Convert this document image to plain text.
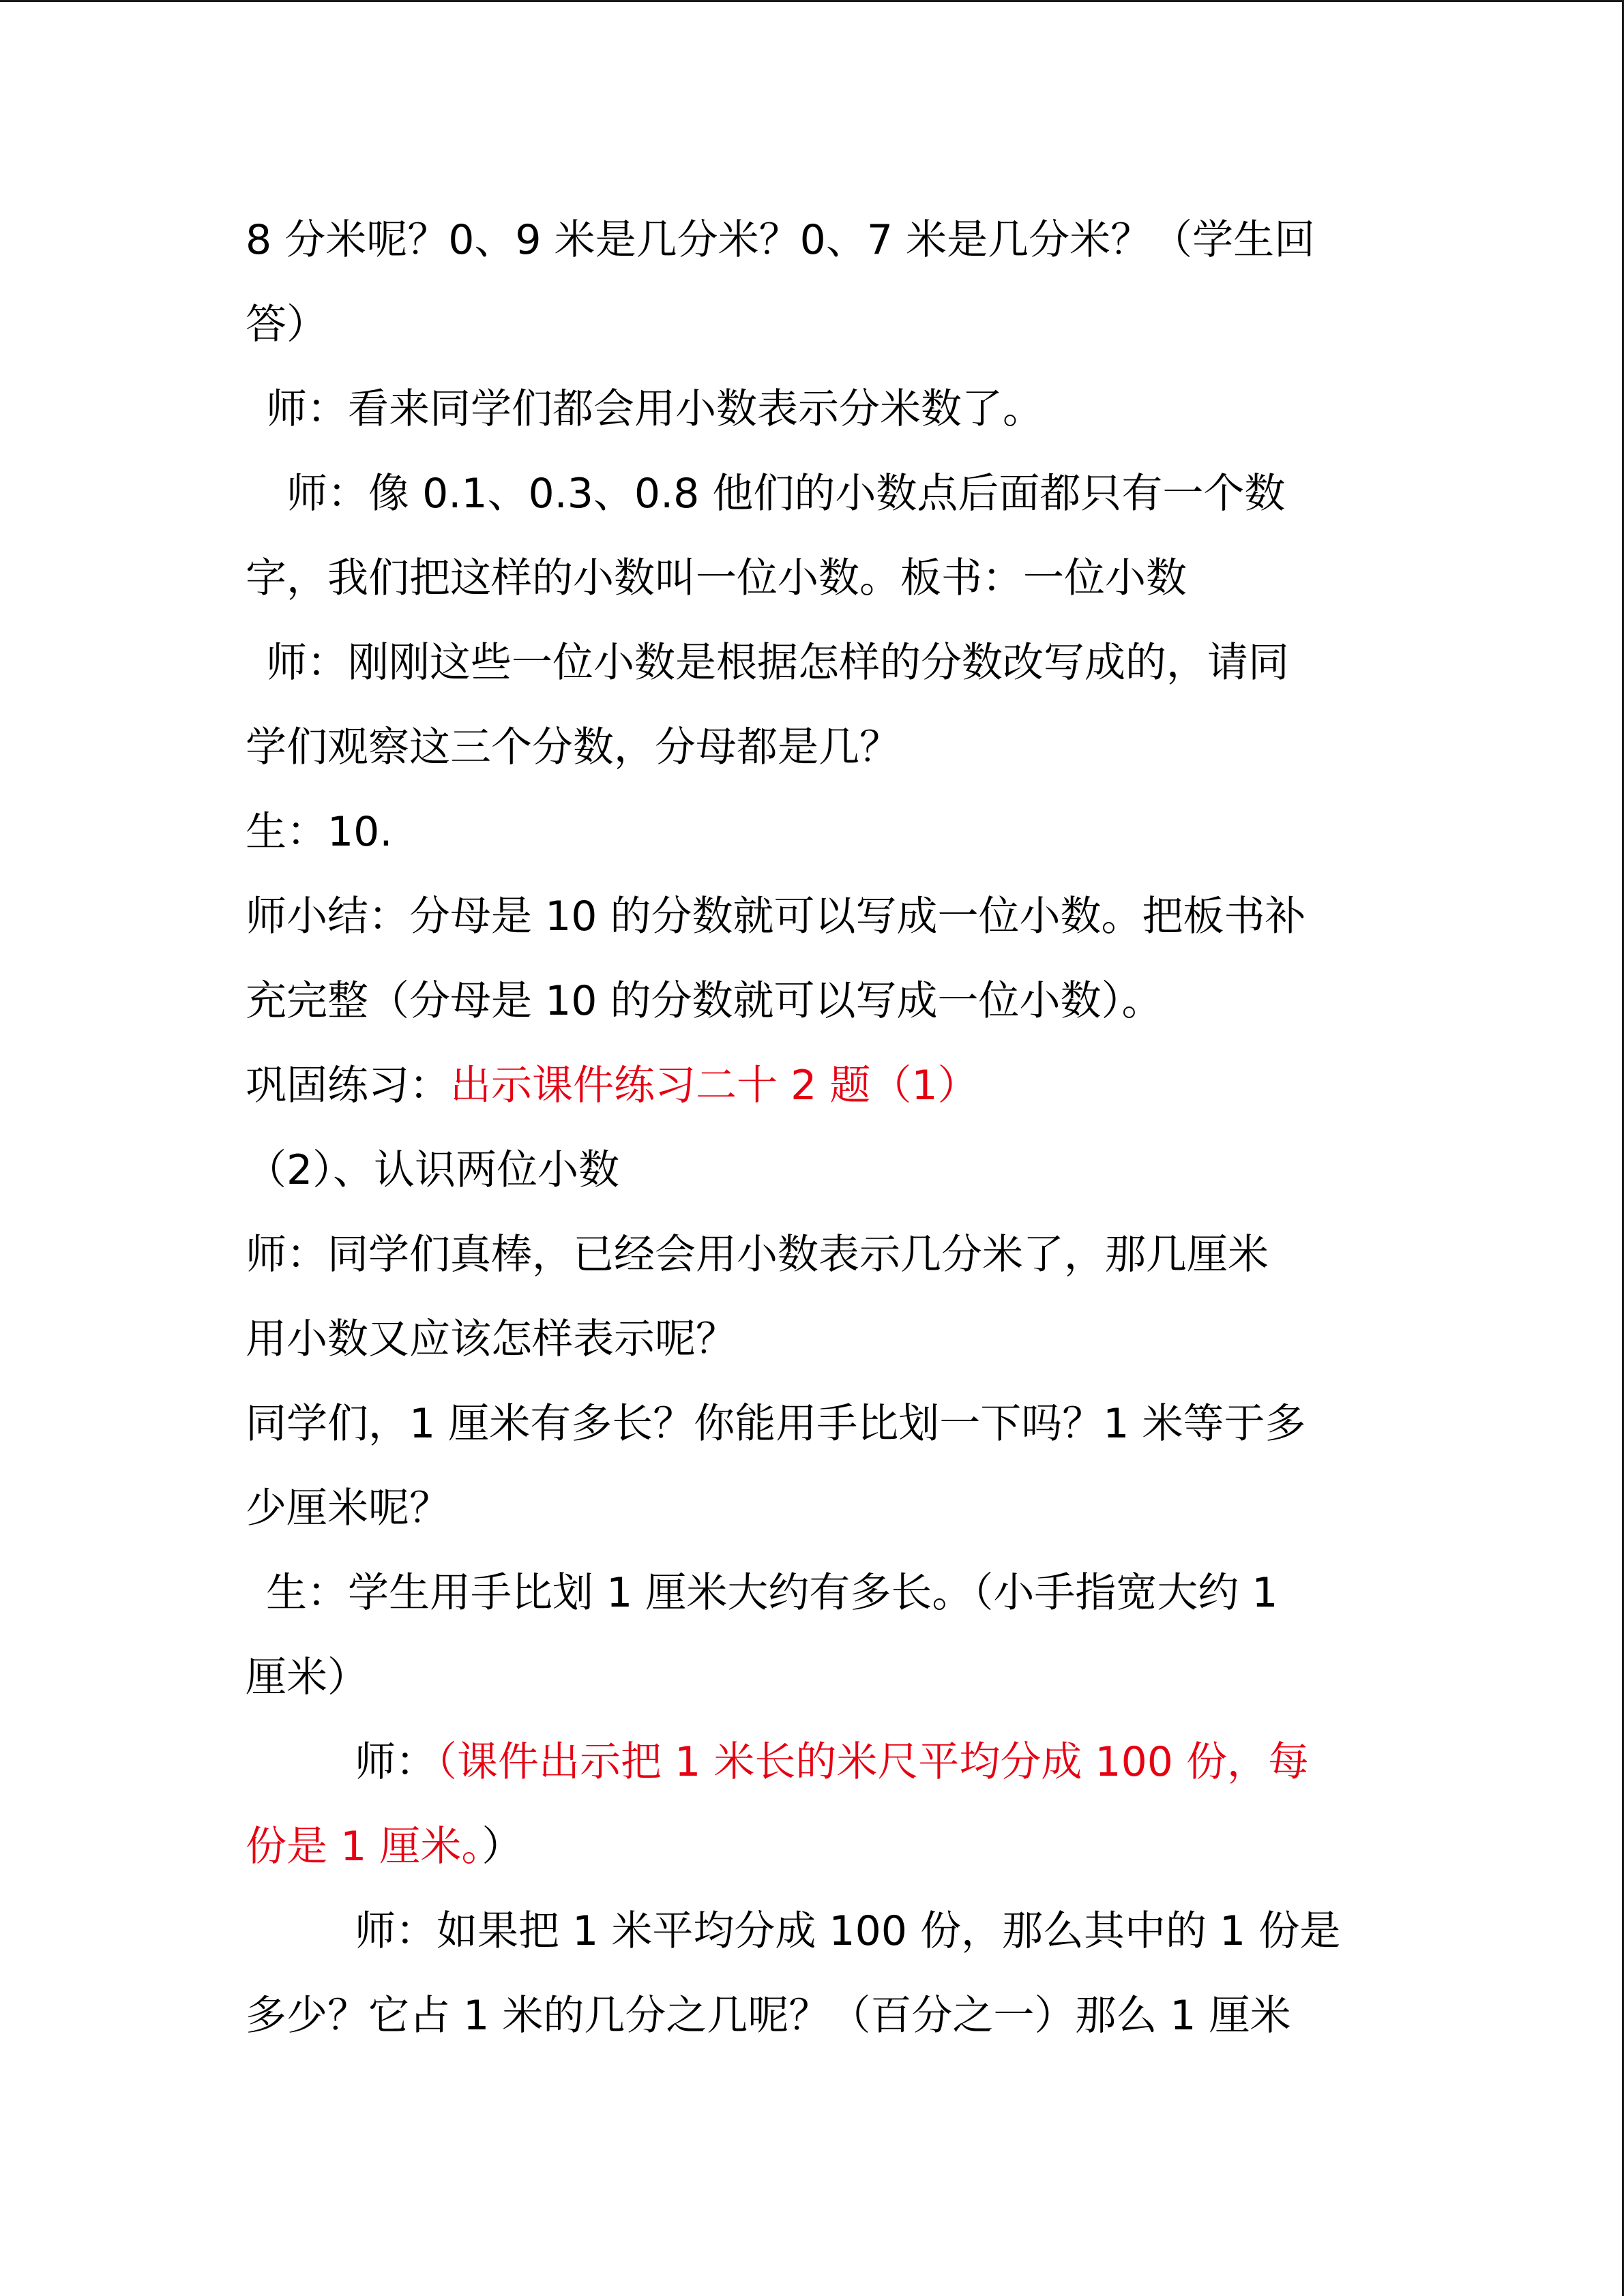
8 分米呢？0、9 米是几分米？0、7 米是几分米？（学生回
答）
师：看来同学们都会用小数表示分米数了。
师：像 0.1、0.3、0.8 他们的小数点后面都只有一个数
字，我们把这样的小数叫一位小数。板书：一位小数
师：刚刚这些一位小数是根据怎样的分数改写成的，请同
学们观察这三个分数，分母都是几？
生：10.
师小结：分母是 10 的分数就可以写成一位小数。把板书补
充完整（分母是 10 的分数就可以写成一位小数）。
巩固练习：出示课件练习二十 2 题（1）
（2）、认识两位小数
师：同学们真棒，已经会用小数表示几分米了，那几厘米
用小数又应该怎样表示呢？
同学们，1 厘米有多长？你能用手比划一下吗？1 米等于多
少厘米呢？
生：学生用手比划 1 厘米大约有多长。（小手指宽大约 1
厘米）
师：（课件出示把 1 米长的米尺平均分成 100 份，每
份是 1 厘米。）
师：如果把 1 米平均分成 100 份，那么其中的 1 份是
多少？它占 1 米的几分之几呢？（百分之一）那么 1 厘米
